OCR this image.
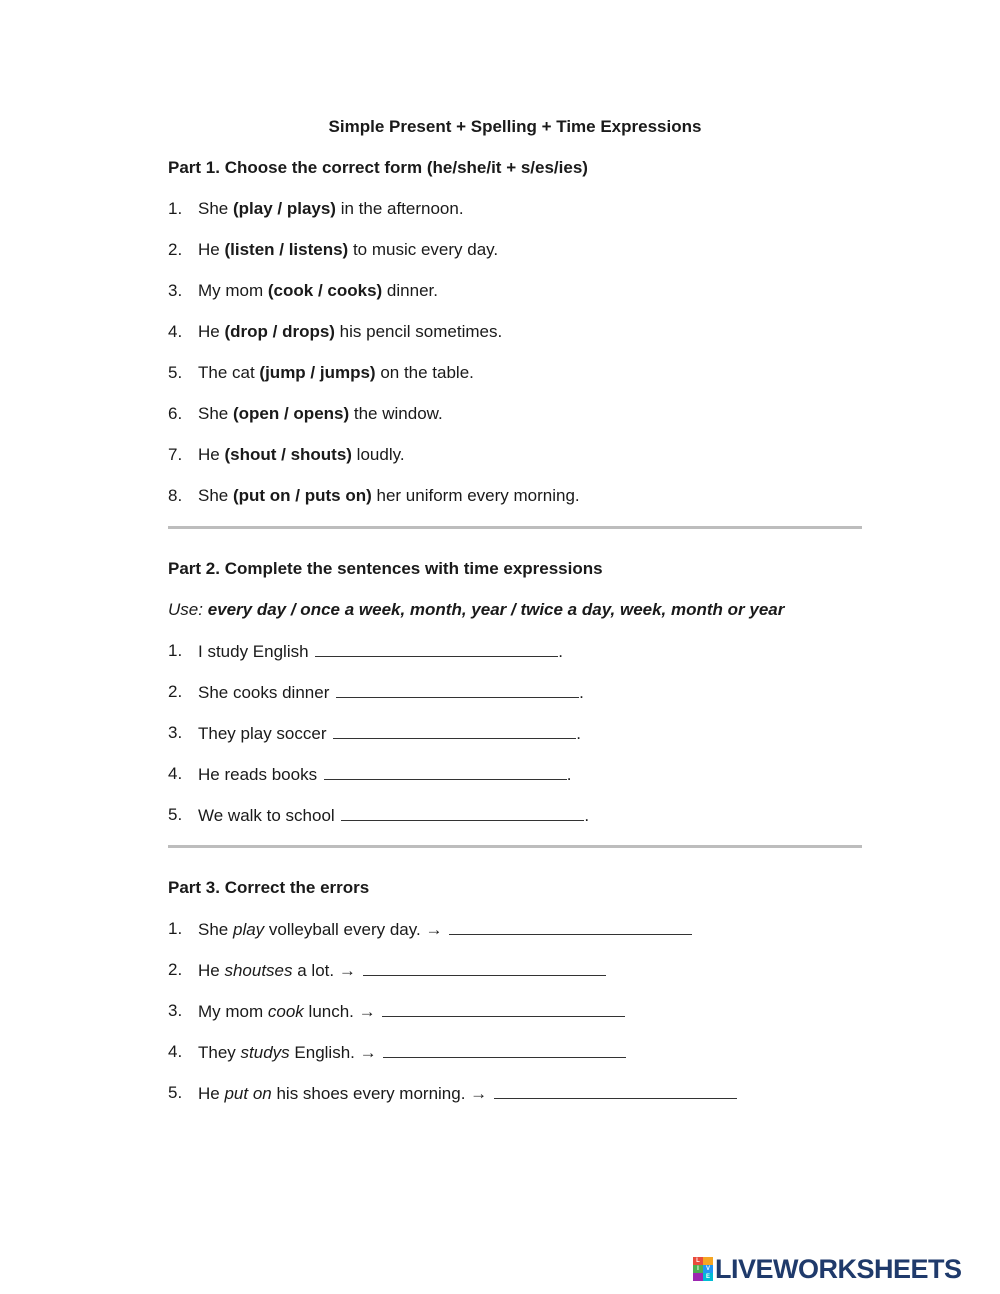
Simple Present + Spelling + Time Expressions
Part 1. Choose the correct form (he/she/it + s/es/ies)
1. She (play / plays) in the afternoon.
2. He (listen / listens) to music every day.
3. My mom (cook / cooks) dinner.
4. He (drop / drops) his pencil sometimes.
5. The cat (jump / jumps) on the table.
6. She (open / opens) the window.
7. He (shout / shouts) loudly.
8. She (put on / puts on) her uniform every morning.
Part 2. Complete the sentences with time expressions
Use: every day / once a week, month, year / twice a day, week, month or year
1. I study English	.
2. She cooks dinner	.
3. They play soccer	.
4. He reads books	.
5. We walk to school	.
Part 3. Correct the errors
1. She play volleyball every day. →
2. He shoutses a lot. →
3. My mom cook lunch. →
4. They studys English. →
5. He put on his shoes every morning. →
L
I	V
E LIVEWORKSHEETS
